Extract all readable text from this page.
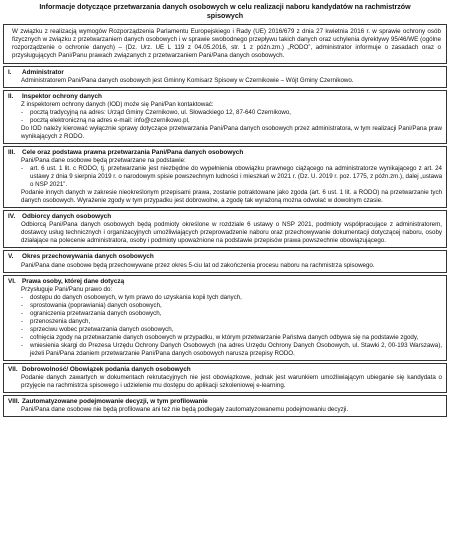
Informacje dotyczące przetwarzania danych osobowych w celu realizacji naboru kandydatów na rachmistrzów spisowych
W związku z realizacją wymogów Rozporządzenia Parlamentu Europejskiego i Rady (UE) 2016/679 z dnia 27 kwietnia 2016 r. w sprawie ochrony osób fizycznych w związku z przetwarzaniem danych osobowych i w sprawie swobodnego przepływu takich danych oraz uchylenia dyrektywy 95/46/WE (ogólne rozporządzenie o ochronie danych) – (Dz. Urz. UE L 119 z 04.05.2016, str. 1 z późn.zm.) „RODO”, administrator informuje o zasadach oraz o przysługujących Pani/Panu prawach związanych z przetwarzaniem Pani/Pana danych osobowych.
I.	Administrator
Administratorem Pani/Pana danych osobowych jest Gminny Komisarz Spisowy w Czernikowie – Wójt Gminy Czernikowo.
II.	Inspektor ochrony danych
Z inspektorem ochrony danych (IOD) może się Pani/Pan kontaktować:
-	pocztą tradycyjną na adres: Urząd Gminy Czernikowo, ul. Słowackiego 12, 87-640 Czernikowo,
-	pocztą elektroniczną na adres e-mail: info@czernikowo.pl,
Do IOD należy kierować wyłącznie sprawy dotyczące przetwarzania Pani/Pana danych osobowych przez administratora, w tym realizacji Pani/Pana praw wynikających z RODO.
III.	Cele oraz podstawa prawna przetwarzania Pani/Pana danych osobowych
Pani/Pana dane osobowe będą przetwarzane na podstawie:
-	art. 6 ust. 1 lit. c RODO, tj. przetwarzanie jest niezbędne do wypełnienia obowiązku prawnego ciążącego na administratorze wynikającego z art. 24 ustawy z dnia 9 sierpnia 2019 r. o narodowym spisie powszechnym ludności i mieszkań w 2021 r. (Dz. U. 2019 r. poz. 1775, z późn.zm.), dalej „ustawa o NSP 2021”.
Podanie innych danych w zakresie nieokreślonym przepisami prawa, zostanie potraktowane jako zgoda (art. 6 ust. 1 lit. a RODO) na przetwarzanie tych danych osobowych. Wyrażenie zgody w tym przypadku jest dobrowolne, a zgodę tak wyrażoną można odwołać w dowolnym czasie.
IV.	Odbiorcy danych osobowych
Odbiorcą Pani/Pana danych osobowych będą podmioty określone w rozdziale 6 ustawy o NSP 2021, podmioty współpracujące z administratorem, dostawcy usług technicznych i organizacyjnych umożliwiających przeprowadzenie naboru oraz przechowywanie dokumentacji dotyczącej naboru, osoby działające na polecenie administratora, osoby i podmioty upoważnione na podstawie przepisów prawa powszechnie obowiązującego.
V.	Okres przechowywania danych osobowych
Pani/Pana dane osobowe będą przechowywane przez okres 5-ciu lat od zakończenia procesu naboru na rachmistrza spisowego.
VI. Prawa osoby, której dane dotyczą
Przysługuje Pani/Panu prawo do:
-	dostępu do danych osobowych, w tym prawo do uzyskania kopii tych danych,
-	sprostowania (poprawiania) danych osobowych,
-	ograniczenia przetwarzania danych osobowych,
-	przenoszenia danych,
-	sprzeciwu wobec przetwarzania danych osobowych,
-	cofnięcia zgody na przetwarzanie danych osobowych w przypadku, w którym przetwarzanie Państwa danych odbywa się na podstawie zgody,
-	wniesienia skargi do Prezesa Urzędu Ochrony Danych Osobowych (na adres Urzędu Ochrony Danych Osobowych, ul. Stawki 2, 00-193 Warszawa), jeżeli Pani/Pana zdaniem przetwarzanie Pani/Pana danych osobowych narusza przepisy RODO.
VII. Dobrowolność/ Obowiązek podania danych osobowych
Podanie danych zawartych w dokumentach rekrutacyjnych nie jest obowiązkowe, jednak jest warunkiem umożliwiającym ubieganie się kandydata o przyjęcie na rachmistrza spisowego i udzielenie mu dostępu do aplikacji szkoleniowej e-learning.
VIII. Zautomatyzowane podejmowanie decyzji, w tym profilowanie
Pani/Pana dane osobowe nie będą profilowane ani też nie będą podlegały zautomatyzowanemu podejmowaniu decyzji.
